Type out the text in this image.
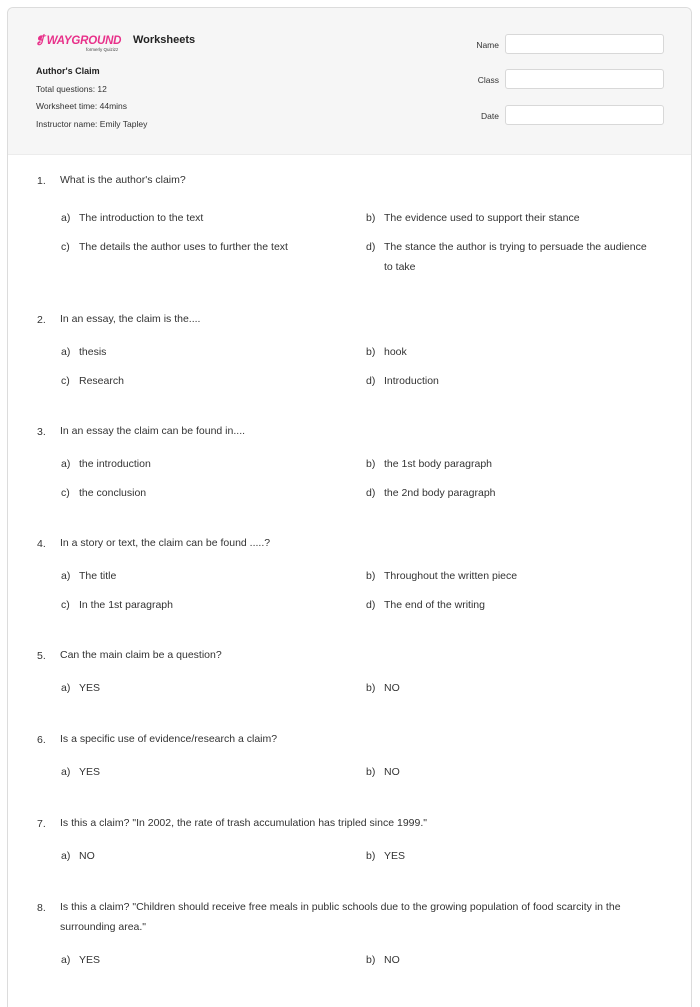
❡ WAYGROUND
formerly Quizizz
Worksheets
Author's Claim
Total questions: 12
Worksheet time: 44mins
Instructor name: Emily Tapley
Name
Class
Date
1. What is the author's claim?
a) The introduction to the text	b) The evidence used to support their stance
c) The details the author uses to further the text	d) The stance the author is trying to persuade the audience to take
2. In an essay, the claim is the....
a) thesis	b) hook
c) Research	d) Introduction
3. In an essay the claim can be found in....
a) the introduction	b) the 1st body paragraph
c) the conclusion	d) the 2nd body paragraph
4. In a story or text, the claim can be found .....?
a) The title	b) Throughout the written piece
c) In the 1st paragraph	d) The end of the writing
5. Can the main claim be a question?
a) YES	b) NO
6. Is a specific use of evidence/research a claim?
a) YES	b) NO
7. Is this a claim? "In 2002, the rate of trash accumulation has tripled since 1999."
a) NO	b) YES
8. Is this a claim? "Children should receive free meals in public schools due to the growing population of food scarcity in the surrounding area."
a) YES	b) NO
